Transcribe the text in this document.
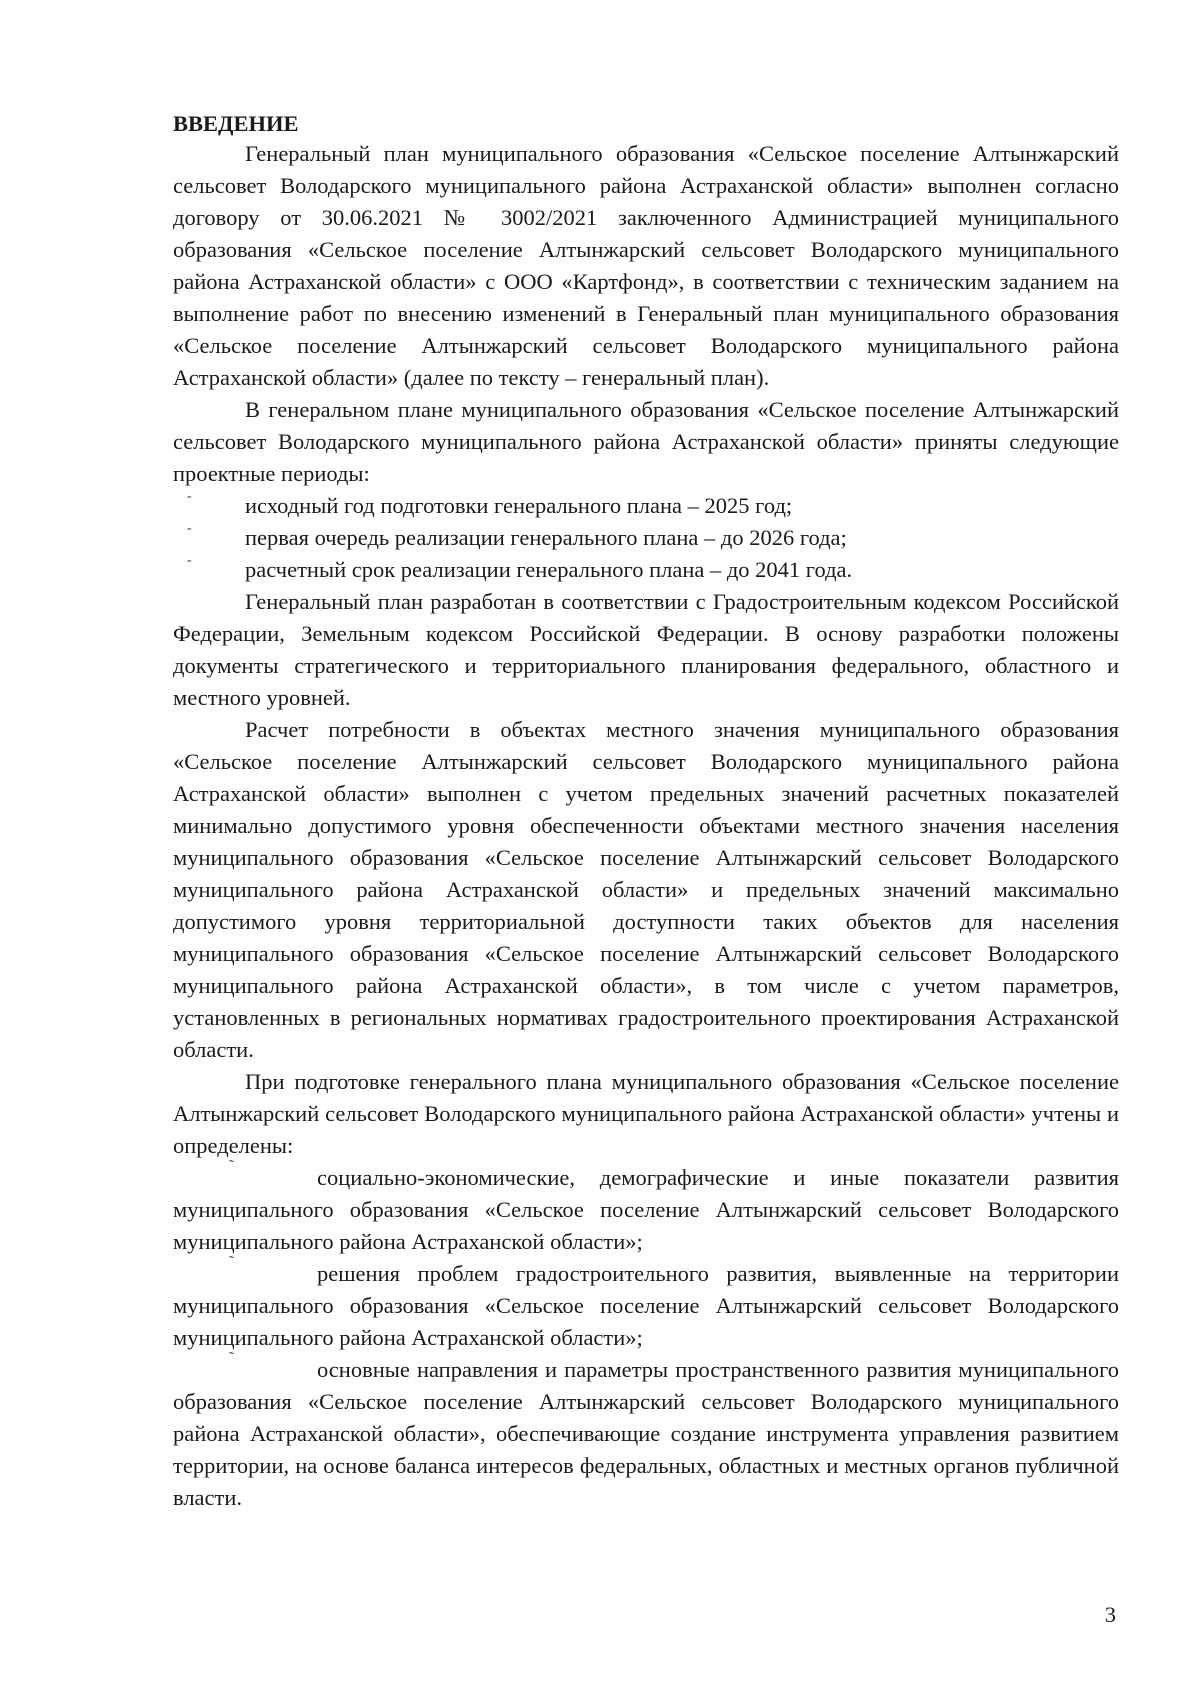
ВВЕДЕНИЕ

Генеральный план муниципального образования «Сельское поселение Алтынжарский сельсовет Володарского муниципального района Астраханской области» выполнен согласно договору от 30.06.2021 № 3002/2021 заключенного Администрацией муниципального образования «Сельское поселение Алтынжарский сельсовет Володарского муниципального района Астраханской области» с ООО «Картфонд», в соответствии с техническим заданием на выполнение работ по внесению изменений в Генеральный план муниципального образования «Сельское поселение Алтынжарский сельсовет Володарского муниципального района Астраханской области» (далее по тексту – генеральный план).

В генеральном плане муниципального образования «Сельское поселение Алтынжарский сельсовет Володарского муниципального района Астраханской области» приняты следующие проектные периоды:

‐ исходный год подготовки генерального плана – 2025 год;
‐ первая очередь реализации генерального плана – до 2026 года;
‐ расчетный срок реализации генерального плана – до 2041 года.

Генеральный план разработан в соответствии с Градостроительным кодексом Российской Федерации, Земельным кодексом Российской Федерации. В основу разработки положены документы стратегического и территориального планирования федерального, областного и местного уровней.

Расчет потребности в объектах местного значения муниципального образования «Сельское поселение Алтынжарский сельсовет Володарского муниципального района Астраханской области» выполнен с учетом предельных значений расчетных показателей минимально допустимого уровня обеспеченности объектами местного значения населения муниципального образования «Сельское поселение Алтынжарский сельсовет Володарского муниципального района Астраханской области» и предельных значений максимально допустимого уровня территориальной доступности таких объектов для населения муниципального образования «Сельское поселение Алтынжарский сельсовет Володарского муниципального района Астраханской области», в том числе с учетом параметров, установленных в региональных нормативах градостроительного проектирования Астраханской области.

При подготовке генерального плана муниципального образования «Сельское поселение Алтынжарский сельсовет Володарского муниципального района Астраханской области» учтены и определены:

˜	социально-экономические, демографические и иные показатели развития муниципального образования «Сельское поселение Алтынжарский сельсовет Володарского муниципального района Астраханской области»;

˜	решения проблем градостроительного развития, выявленные на территории муниципального образования «Сельское поселение Алтынжарский сельсовет Володарского муниципального района Астраханской области»;

˜	основные направления и параметры пространственного развития муниципального образования «Сельское поселение Алтынжарский сельсовет Володарского муниципального района Астраханской области», обеспечивающие создание инструмента управления развитием территории, на основе баланса интересов федеральных, областных и местных органов публичной власти.

3
